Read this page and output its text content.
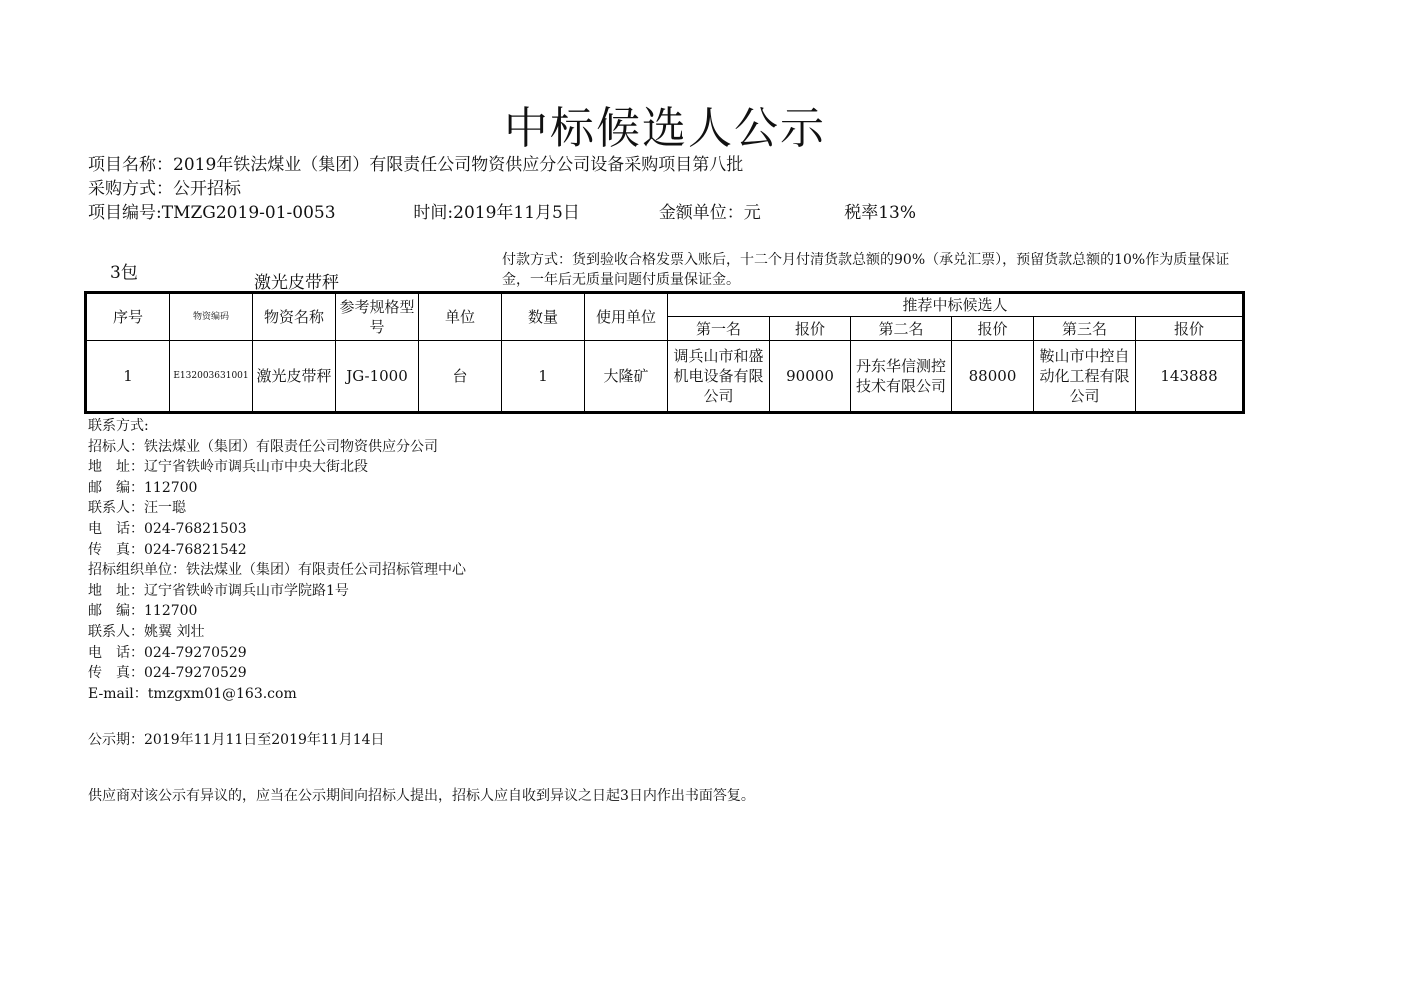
中标候选人公示
项目名称：2019年铁法煤业（集团）有限责任公司物资供应分公司设备采购项目第八批
采购方式：公开招标
项目编号:TMZG2019-01-0053	时间:2019年11月5日	金额单位：元	税率13%
3包	激光皮带秤
付款方式：货到验收合格发票入账后，十二个月付清货款总额的90%（承兑汇票），预留货款总额的10%作为质量保证金，一年后无质量问题付质量保证金。
序号	物资编码	物资名称	参考规格型号	单位	数量	使用单位	推荐中标候选人					
							第一名	报价	第二名	报价	第三名	报价
1	E132003631001	激光皮带秤	JG-1000	台	1	大隆矿	调兵山市和盛机电设备有限公司	90000	丹东华信测控技术有限公司	88000	鞍山市中控自动化工程有限公司	143888
联系方式:
招标人：铁法煤业（集团）有限责任公司物资供应分公司
地　址：辽宁省铁岭市调兵山市中央大街北段
邮　编：112700
联系人：汪一聪
电　话：024-76821503
传　真：024-76821542
招标组织单位：铁法煤业（集团）有限责任公司招标管理中心
地　址：辽宁省铁岭市调兵山市学院路1号
邮　编：112700
联系人：姚翼 刘壮
电　话：024-79270529
传　真：024-79270529
E-mail：tmzgxm01@163.com
公示期：2019年11月11日至2019年11月14日
供应商对该公示有异议的，应当在公示期间向招标人提出，招标人应自收到异议之日起3日内作出书面答复。
